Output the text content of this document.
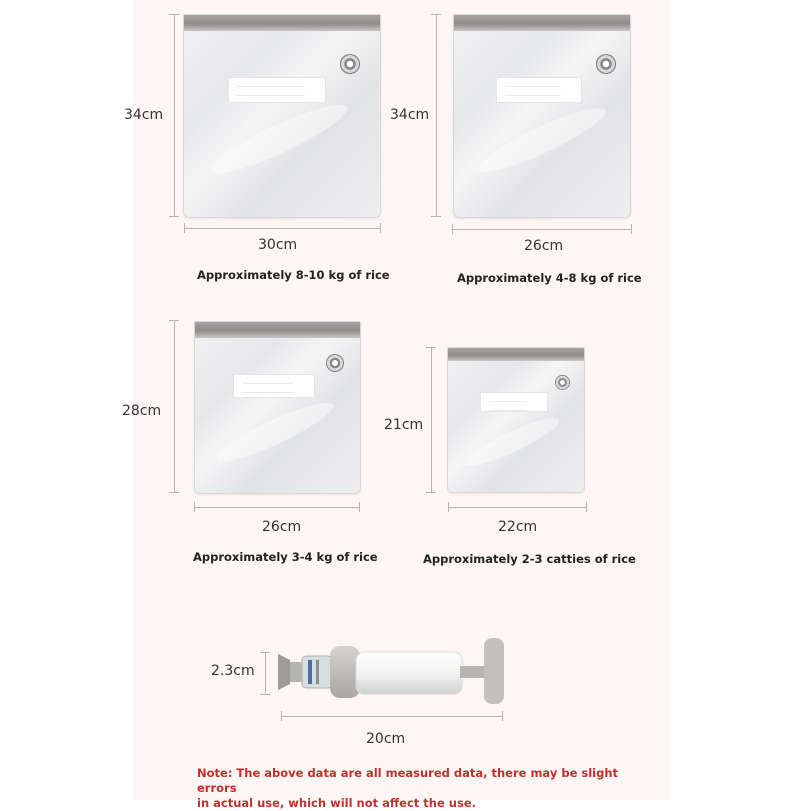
34cm
30cm
Approximately 8-10 kg of rice
34cm
26cm
Approximately 4-8 kg of rice
28cm
26cm
Approximately 3-4 kg of rice
21cm
22cm
Approximately 2-3 catties of rice
2.3cm
20cm
Note: The above data are all measured data, there may be slight errors
in actual use, which will not affect the use.
